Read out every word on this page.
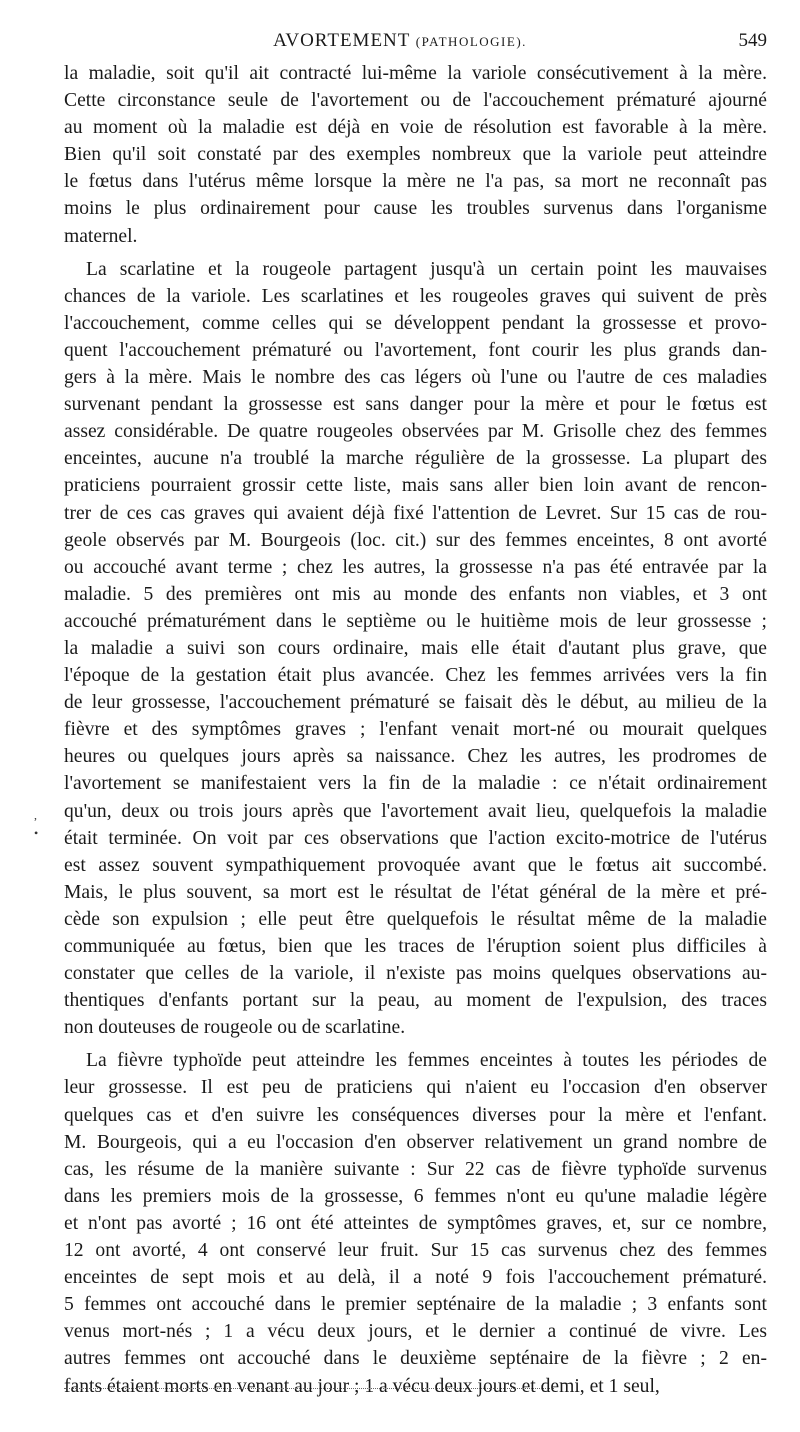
AVORTEMENT (PATHOLOGIE).	549
la maladie, soit qu'il ait contracté lui-même la variole consécutivement à la mère.
Cette circonstance seule de l'avortement ou de l'accouchement prématuré ajourné
au moment où la maladie est déjà en voie de résolution est favorable à la mère.
Bien qu'il soit constaté par des exemples nombreux que la variole peut atteindre
le fœtus dans l'utérus même lorsque la mère ne l'a pas, sa mort ne reconnaît pas
moins le plus ordinairement pour cause les troubles survenus dans l'organisme
maternel.
La scarlatine et la rougeole partagent jusqu'à un certain point les mauvaises
chances de la variole. Les scarlatines et les rougeoles graves qui suivent de près
l'accouchement, comme celles qui se développent pendant la grossesse et provo-
quent l'accouchement prématuré ou l'avortement, font courir les plus grands dan-
gers à la mère. Mais le nombre des cas légers où l'une ou l'autre de ces maladies
survenant pendant la grossesse est sans danger pour la mère et pour le fœtus est
assez considérable. De quatre rougeoles observées par M. Grisolle chez des femmes
enceintes, aucune n'a troublé la marche régulière de la grossesse. La plupart des
praticiens pourraient grossir cette liste, mais sans aller bien loin avant de rencon-
trer de ces cas graves qui avaient déjà fixé l'attention de Levret. Sur 15 cas de rou-
geole observés par M. Bourgeois (loc. cit.) sur des femmes enceintes, 8 ont avorté
ou accouché avant terme ; chez les autres, la grossesse n'a pas été entravée par la
maladie. 5 des premières ont mis au monde des enfants non viables, et 3 ont
accouché prématurément dans le septième ou le huitième mois de leur grossesse ;
la maladie a suivi son cours ordinaire, mais elle était d'autant plus grave, que
l'époque de la gestation était plus avancée. Chez les femmes arrivées vers la fin
de leur grossesse, l'accouchement prématuré se faisait dès le début, au milieu de la
fièvre et des symptômes graves ; l'enfant venait mort-né ou mourait quelques
heures ou quelques jours après sa naissance. Chez les autres, les prodromes de
l'avortement se manifestaient vers la fin de la maladie : ce n'était ordinairement
qu'un, deux ou trois jours après que l'avortement avait lieu, quelquefois la maladie
était terminée. On voit par ces observations que l'action excito-motrice de l'utérus
est assez souvent sympathiquement provoquée avant que le fœtus ait succombé.
Mais, le plus souvent, sa mort est le résultat de l'état général de la mère et pré-
cède son expulsion ; elle peut être quelquefois le résultat même de la maladie
communiquée au fœtus, bien que les traces de l'éruption soient plus difficiles à
constater que celles de la variole, il n'existe pas moins quelques observations au-
thentiques d'enfants portant sur la peau, au moment de l'expulsion, des traces
non douteuses de rougeole ou de scarlatine.
La fièvre typhoïde peut atteindre les femmes enceintes à toutes les périodes de
leur grossesse. Il est peu de praticiens qui n'aient eu l'occasion d'en observer
quelques cas et d'en suivre les conséquences diverses pour la mère et l'enfant.
M. Bourgeois, qui a eu l'occasion d'en observer relativement un grand nombre de
cas, les résume de la manière suivante : Sur 22 cas de fièvre typhoïde survenus
dans les premiers mois de la grossesse, 6 femmes n'ont eu qu'une maladie légère
et n'ont pas avorté ; 16 ont été atteintes de symptômes graves, et, sur ce nombre,
12 ont avorté, 4 ont conservé leur fruit. Sur 15 cas survenus chez des femmes
enceintes de sept mois et au delà, il a noté 9 fois l'accouchement prématuré.
5 femmes ont accouché dans le premier septénaire de la maladie ; 3 enfants sont
venus mort-nés ; 1 a vécu deux jours, et le dernier a continué de vivre. Les
autres femmes ont accouché dans le deuxième septénaire de la fièvre ; 2 en-
fants étaient morts en venant au jour ; 1 a vécu deux jours et demi, et 1 seul,
,
•
